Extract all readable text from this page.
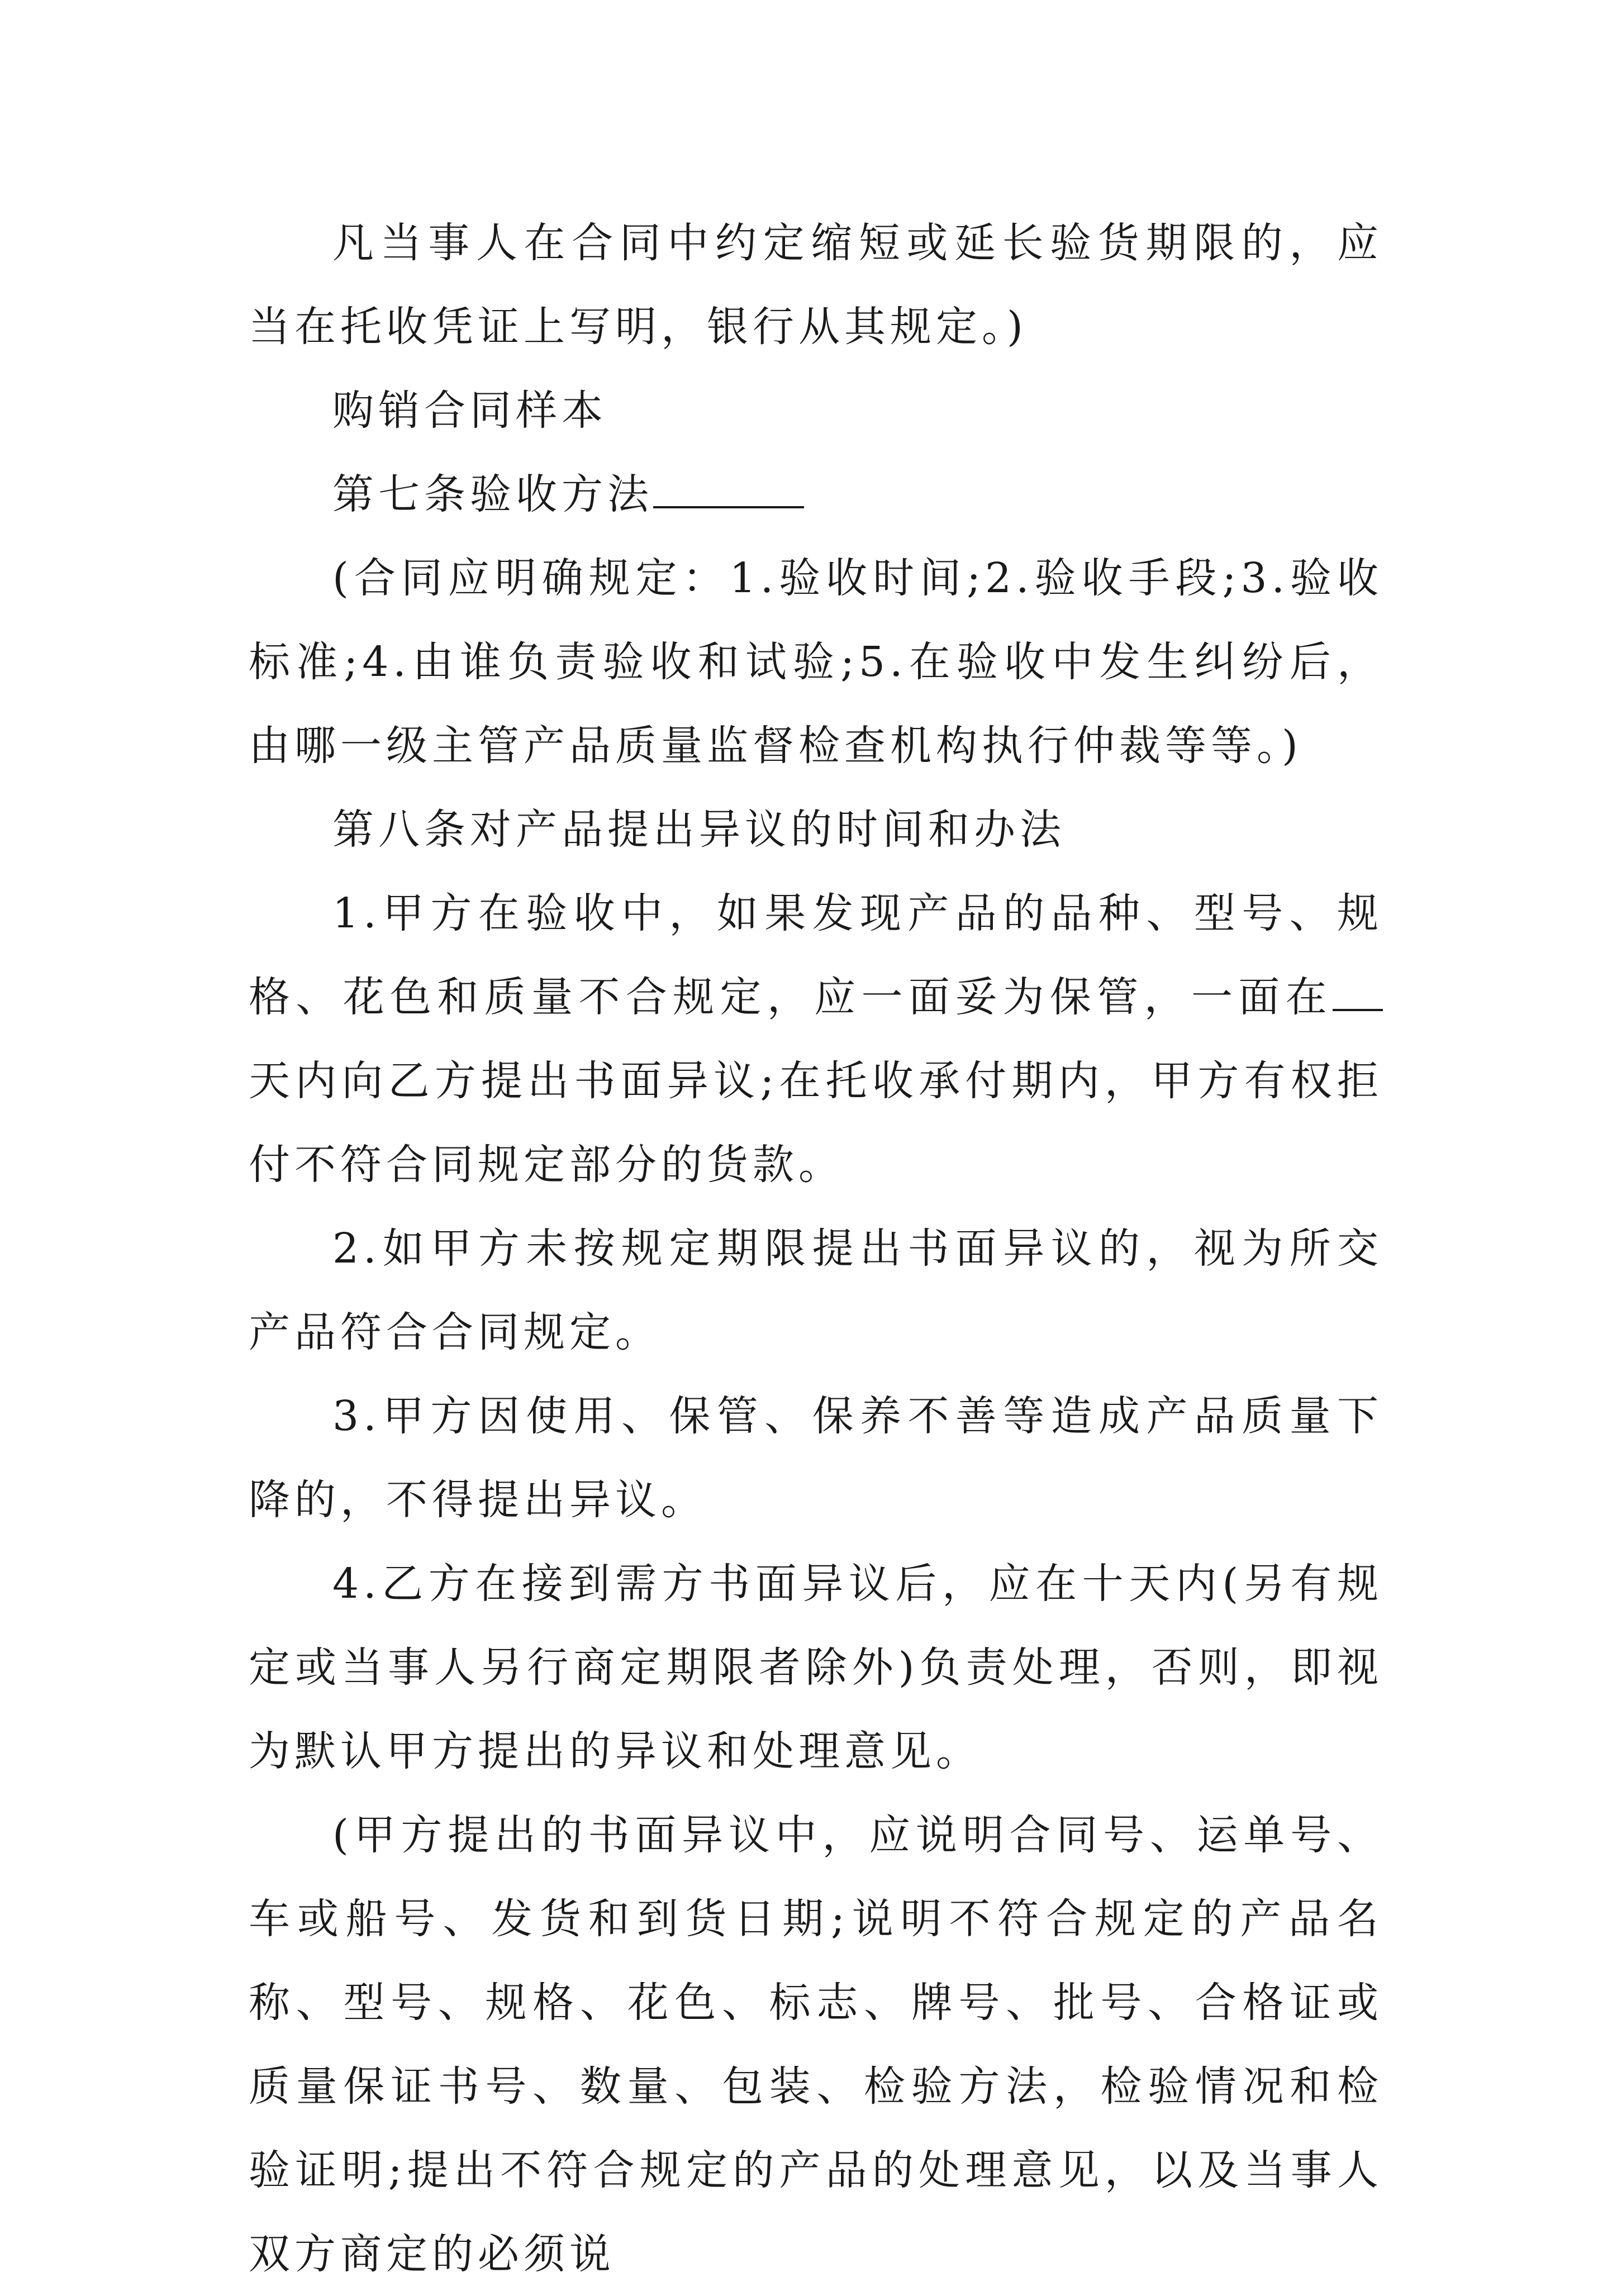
凡当事人在合同中约定缩短或延长验货期限的，应当在托收凭证上写明，银行从其规定。)

购销合同样本

第七条验收方法

(合同应明确规定：1.验收时间;2.验收手段;3.验收标准;4.由谁负责验收和试验;5.在验收中发生纠纷后，由哪一级主管产品质量监督检查机构执行仲裁等等。)

第八条对产品提出异议的时间和办法

1.甲方在验收中，如果发现产品的品种、型号、规格、花色和质量不合规定，应一面妥为保管，一面在天内向乙方提出书面异议;在托收承付期内，甲方有权拒付不符合同规定部分的货款。

2.如甲方未按规定期限提出书面异议的，视为所交产品符合合同规定。

3.甲方因使用、保管、保养不善等造成产品质量下降的，不得提出异议。

4.乙方在接到需方书面异议后，应在十天内(另有规定或当事人另行商定期限者除外)负责处理，否则，即视为默认甲方提出的异议和处理意见。

(甲方提出的书面异议中，应说明合同号、运单号、车或船号、发货和到货日期;说明不符合规定的产品名称、型号、规格、花色、标志、牌号、批号、合格证或质量保证书号、数量、包装、检验方法，检验情况和检验证明;提出不符合规定的产品的处理意见，以及当事人双方商定的必须说
